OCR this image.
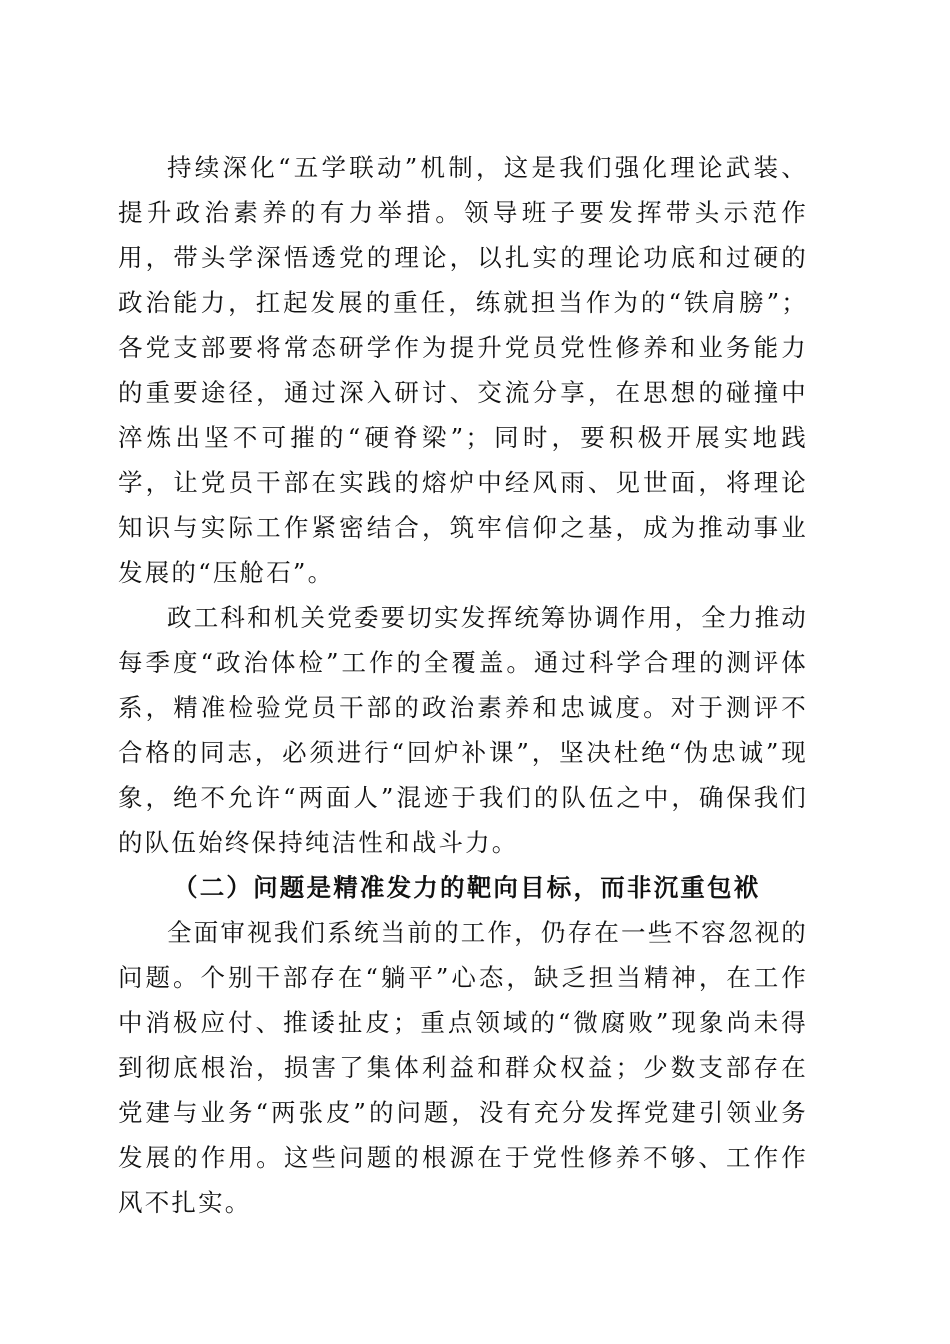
持续深化“五学联动”机制，这是我们强化理论武装、提升政治素养的有力举措。领导班子要发挥带头示范作用，带头学深悟透党的理论，以扎实的理论功底和过硬的政治能力，扛起发展的重任，练就担当作为的“铁肩膀”；各党支部要将常态研学作为提升党员党性修养和业务能力的重要途径，通过深入研讨、交流分享，在思想的碰撞中淬炼出坚不可摧的“硬脊梁”；同时，要积极开展实地践学，让党员干部在实践的熔炉中经风雨、见世面，将理论知识与实际工作紧密结合，筑牢信仰之基，成为推动事业发展的“压舱石”。

政工科和机关党委要切实发挥统筹协调作用，全力推动每季度“政治体检”工作的全覆盖。通过科学合理的测评体系，精准检验党员干部的政治素养和忠诚度。对于测评不合格的同志，必须进行“回炉补课”，坚决杜绝“伪忠诚”现象，绝不允许“两面人”混迹于我们的队伍之中，确保我们的队伍始终保持纯洁性和战斗力。

（二）问题是精准发力的靶向目标，而非沉重包袱

全面审视我们系统当前的工作，仍存在一些不容忽视的问题。个别干部存在“躺平”心态，缺乏担当精神，在工作中消极应付、推诿扯皮；重点领域的“微腐败”现象尚未得到彻底根治，损害了集体利益和群众权益；少数支部存在党建与业务“两张皮”的问题，没有充分发挥党建引领业务发展的作用。这些问题的根源在于党性修养不够、工作作风不扎实。
